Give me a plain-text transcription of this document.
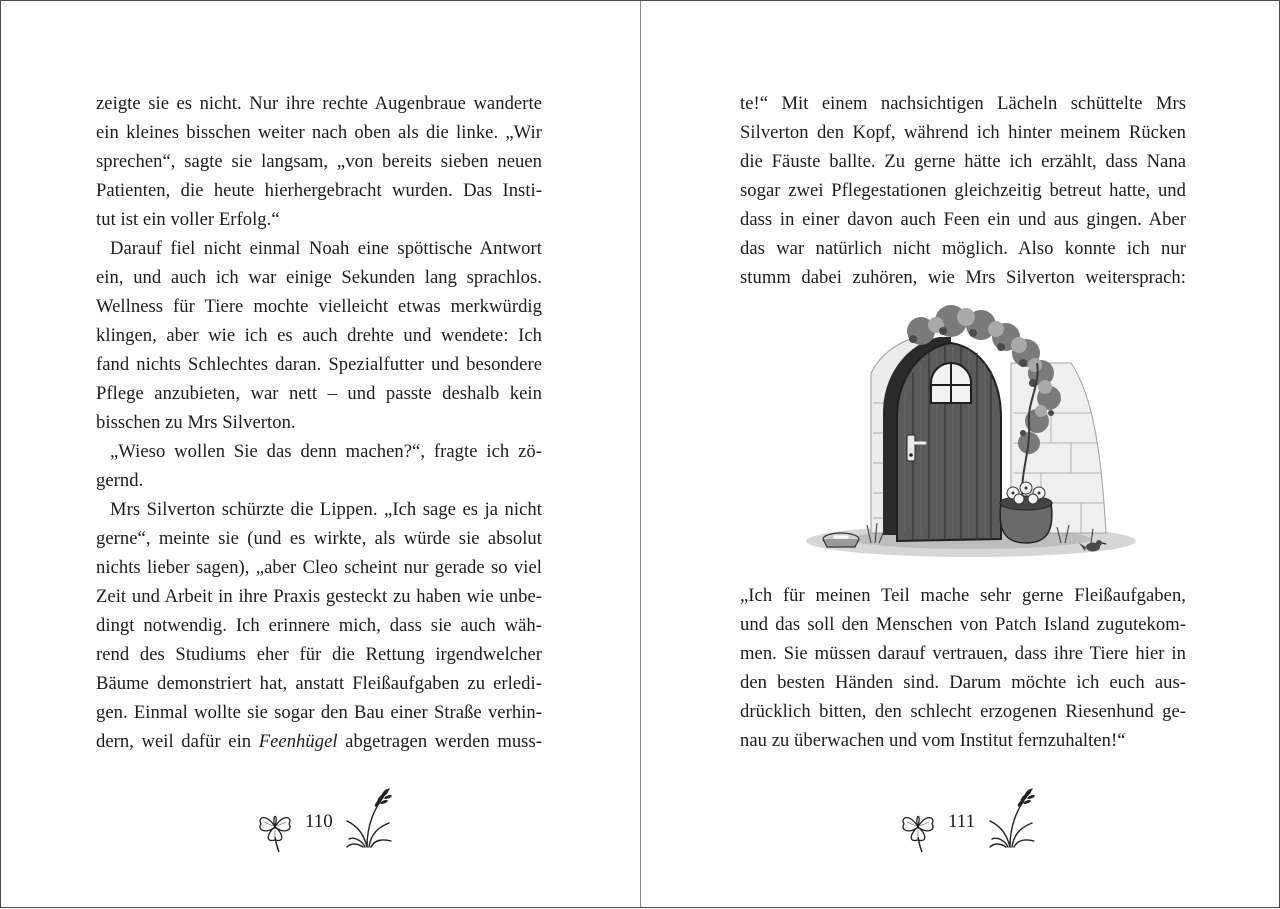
zeigte sie es nicht. Nur ihre rechte Augenbraue wanderte
ein kleines bisschen weiter nach oben als die linke. „Wir
sprechen“, sagte sie langsam, „von bereits sieben neuen
Patienten, die heute hierhergebracht wurden. Das Insti-
tut ist ein voller Erfolg.“
Darauf fiel nicht einmal Noah eine spöttische Antwort
ein, und auch ich war einige Sekunden lang sprachlos.
Wellness für Tiere mochte vielleicht etwas merkwürdig
klingen, aber wie ich es auch drehte und wendete: Ich
fand nichts Schlechtes daran. Spezialfutter und besondere
Pflege anzubieten, war nett – und passte deshalb kein
bisschen zu Mrs Silverton.
„Wieso wollen Sie das denn machen?“, fragte ich zö-
gernd.
Mrs Silverton schürzte die Lippen. „Ich sage es ja nicht
gerne“, meinte sie (und es wirkte, als würde sie absolut
nichts lieber sagen), „aber Cleo scheint nur gerade so viel
Zeit und Arbeit in ihre Praxis gesteckt zu haben wie unbe-
dingt notwendig. Ich erinnere mich, dass sie auch wäh-
rend des Studiums eher für die Rettung irgendwelcher
Bäume demonstriert hat, anstatt Fleißaufgaben zu erledi-
gen. Einmal wollte sie sogar den Bau einer Straße verhin-
dern, weil dafür ein Feenhügel abgetragen werden muss-
110
te!“ Mit einem nachsichtigen Lächeln schüttelte Mrs
Silverton den Kopf, während ich hinter meinem Rücken
die Fäuste ballte. Zu gerne hätte ich erzählt, dass Nana
sogar zwei Pflegestationen gleichzeitig betreut hatte, und
dass in einer davon auch Feen ein und aus gingen. Aber
das war natürlich nicht möglich. Also konnte ich nur
stumm dabei zuhören, wie Mrs Silverton weitersprach:
„Ich für meinen Teil mache sehr gerne Fleißaufgaben,
und das soll den Menschen von Patch Island zugutekom-
men. Sie müssen darauf vertrauen, dass ihre Tiere hier in
den besten Händen sind. Darum möchte ich euch aus-
drücklich bitten, den schlecht erzogenen Riesenhund ge-
nau zu überwachen und vom Institut fernzuhalten!“
111
